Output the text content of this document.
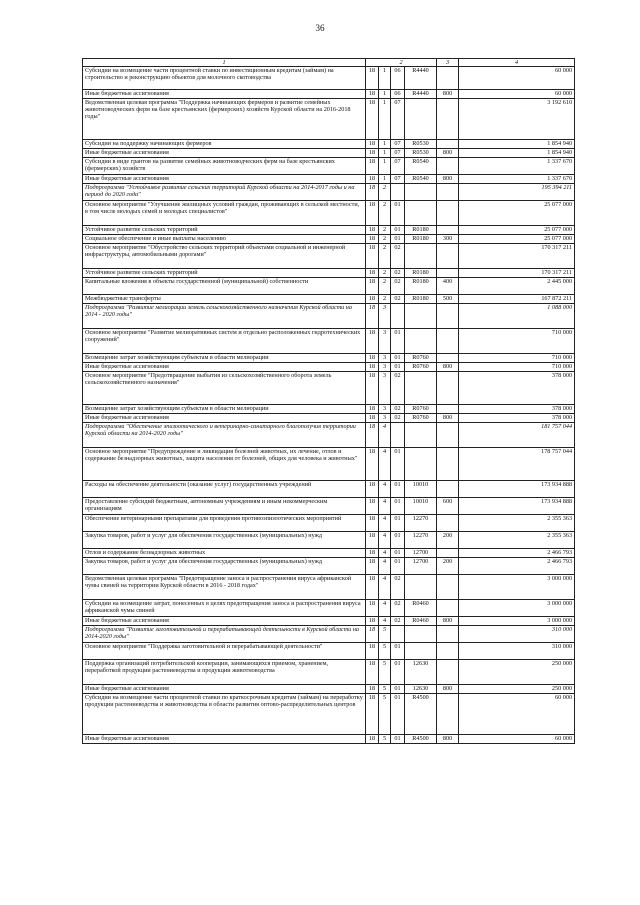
36
1	2				3	4
Субсидии на возмещение части процентной ставки по инвестиционным кредитам (займам) на строительство и реконструкцию объектов для молочного скотоводства	18	1	06	R4440		60 000
Иные бюджетные ассигнования	18	1	06	R4440	800	60 000
Ведомственная целевая программа "Поддержка начинающих фермеров и развитие семейных животноводческих ферм на базе крестьянских (фермерских) хозяйств Курской области на 2016-2018 годы"	18	1	07			3 192 610
Субсидии на поддержку начинающих фермеров	18	1	07	R0530		1 854 940
Иные бюджетные ассигнования	18	1	07	R0530	800	1 854 940
Субсидии в виде грантов на развитие семейных животноводческих ферм на базе крестьянских (фермерских) хозяйств	18	1	07	R0540		1 337 670
Иные бюджетные ассигнования	18	1	07	R0540	800	1 337 670
Подпрограмма "Устойчивое развитие сельских территорий Курской области на 2014-2017 годы и на период до 2020 года"	18	2				195 394 211
Основное мероприятие "Улучшение жилищных условий граждан, проживающих в сельской местности, в том числе молодых семей и молодых специалистов"	18	2	01			25 077 000
Устойчивое развитие сельских территорий	18	2	01	R0180		25 077 000
Социальное обеспечение и иные выплаты населению	18	2	01	R0180	300	25 077 000
Основное мероприятие "Обустройство сельских территорий объектами социальной и инженерной инфраструктуры, автомобильными дорогами"	18	2	02			170 317 211
Устойчивое развитие сельских территорий	18	2	02	R0180		170 317 211
Капитальные вложения в объекты государственной (муниципальной) собственности	18	2	02	R0180	400	2 445 000
Межбюджетные трансферты	18	2	02	R0180	500	167 872 211
Подпрограмма "Развитие мелиорации земель сельскохозяйственного назначения Курской области на 2014 - 2020 годы"	18	3				1 088 000
Основное мероприятие "Развитие мелиоративных систем и отдельно расположенных гидротехнических сооружений"	18	3	01			710 000
Возмещение затрат хозяйствующим субъектам в области мелиорации	18	3	01	R0760		710 000
Иные бюджетные ассигнования	18	3	01	R0760	800	710 000
Основное мероприятие "Предотвращение выбытия из сельскохозяйственного оборота земель сельскохозяйственного назначения"	18	3	02			378 000
Возмещение затрат хозяйствующим субъектам в области мелиорации	18	3	02	R0760		378 000
Иные бюджетные ассигнования	18	3	02	R0760	800	378 000
Подпрограмма "Обеспечение эпизоотического и ветеринарно-санитарного благополучия территории Курской области на 2014-2020 годы"	18	4				181 757 044
Основное мероприятие "Предупреждение и ликвидация болезней животных, их лечение, отлов и содержание безнадзорных животных, защита населения от болезней, общих для человека и животных"	18	4	01			178 757 044
Расходы на обеспечение деятельности (оказание услуг) государственных учреждений	18	4	01	10010		173 934 888
Предоставление субсидий бюджетным, автономным учреждениям и иным некоммерческим организациям	18	4	01	10010	600	173 934 888
Обеспечение ветеринарными препаратами для проведения противоэпизоотических мероприятий	18	4	01	12270		2 355 363
Закупка товаров, работ и услуг для обеспечения государственных (муниципальных) нужд	18	4	01	12270	200	2 355 363
Отлов и содержание безнадзорных животных	18	4	01	12700		2 466 793
Закупка товаров, работ и услуг для обеспечения государственных (муниципальных) нужд	18	4	01	12700	200	2 466 793
Ведомственная целевая программа "Предотвращение заноса и распространения вируса африканской чумы свиней на территории Курской области в 2016 - 2018 годах"	18	4	02			3 000 000
Субсидии на возмещение затрат, понесенных в целях предотвращения заноса и распространения вируса африканской чумы свиней	18	4	02	R0460		3 000 000
Иные бюджетные ассигнования	18	4	02	R0460	800	3 000 000
Подпрограмма "Развитие заготовительной и перерабатывающей деятельности в Курской области на 2014-2020 годы"	18	5				310 000
Основное мероприятие "Поддержка заготовительной и перерабатывающей деятельности"	18	5	01			310 000
Поддержка организаций потребительской кооперации, занимающихся приемом, хранением, переработкой продукции растениеводства и продукции животноводства	18	5	01	12630		250 000
Иные бюджетные ассигнования	18	5	01	12630	800	250 000
Субсидии на возмещение части процентной ставки по краткосрочным кредитам (займам) на переработку продукции растениеводства и животноводства в области развития оптово-распределительных центров	18	5	01	R4500		60 000
Иные бюджетные ассигнования	18	5	01	R4500	800	60 000
